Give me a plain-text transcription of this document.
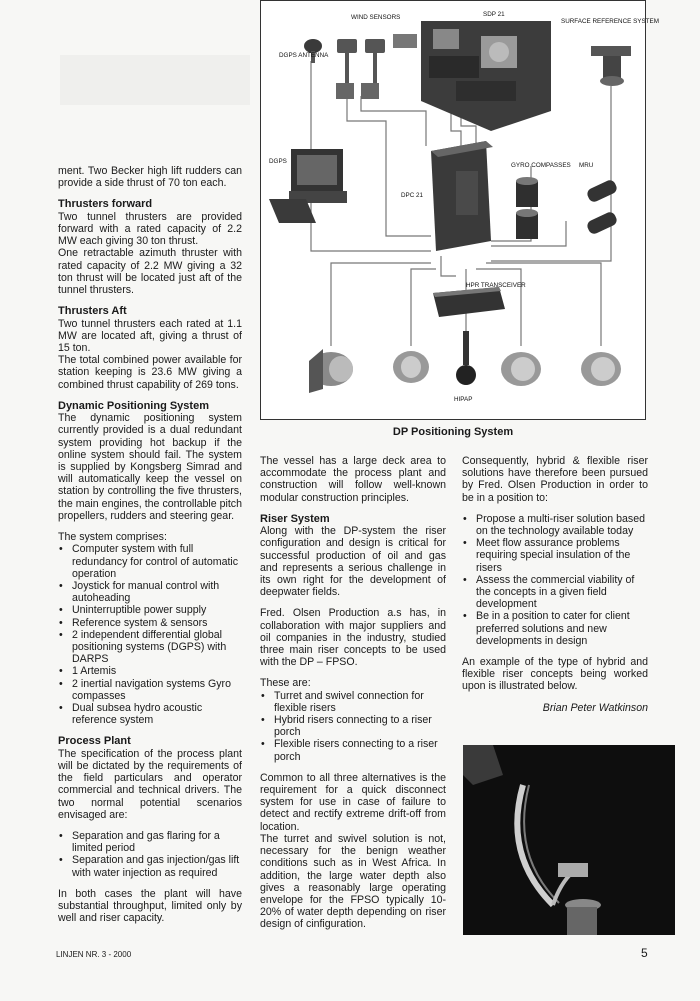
WIND SENSORS	SDP 21
SURFACE REFERENCE SYSTEM
DGPS ANTENNA
DGPS
DPC 21
GYRO COMPASSES MRU
HPR TRANSCEIVER
HIPAP
DP Positioning System

ment. Two Becker high lift rudders can provide a side thrust of 70 ton each.

Thrusters forward

Two tunnel thrusters are provided forward with a rated capacity of 2.2 MW each giving 30 ton thrust.

One retractable azimuth thruster with rated capacity of 2.2 MW giving a 32 ton thrust will be located just aft of the tunnel thrusters.

Thrusters Aft

Two tunnel thrusters each rated at 1.1 MW are located aft, giving a thrust of 15 ton.

The total combined power available for station keeping is 23.6 MW giving a combined thrust capability of 269 tons.

Dynamic Positioning System

The dynamic positioning system currently provided is a dual redundant system providing hot backup if the online system should fail. The system is supplied by Kongsberg Simrad and will automatically keep the vessel on station by controlling the five thrusters, the main engines, the controllable pitch propellers, rudders and steering gear.

The system comprises:

• Computer system with full redundancy for control of automatic operation
• Joystick for manual control with autoheading
• Uninterruptible power supply
• Reference system & sensors
• 2 independent differential global positioning systems (DGPS) with DARPS
• 1 Artemis
• 2 inertial navigation systems Gyro compasses
• Dual subsea hydro acoustic reference system
Process Plant

The specification of the process plant will be dictated by the requirements of the field particulars and operator commercial and technical drivers. The two normal potential scenarios envisaged are:

• Separation and gas flaring for a limited period
• Separation and gas injection/gas lift with water injection as required

In both cases the plant will have substantial throughput, limited only by well and riser capacity.

The vessel has a large deck area to accommodate the process plant and construction will follow well-known modular construction principles.

Riser System

Along with the DP-system the riser configuration and design is critical for successful production of oil and gas and represents a serious challenge in its own right for the development of deepwater fields.

Fred. Olsen Production a.s has, in collaboration with major suppliers and oil companies in the industry, studied three main riser concepts to be used with the DP – FPSO.

These are:

• Turret and swivel connection for flexible risers
• Hybrid risers connecting to a riser porch
• Flexible risers connecting to a riser porch

Common to all three alternatives is the requirement for a quick disconnect system for use in case of failure to detect and rectify extreme drift-off from location.

The turret and swivel solution is not, necessary for the benign weather conditions such as in West Africa. In addition, the large water depth also gives a reasonably large operating envelope for the FPSO typically 10-20% of water depth depending on riser design of cinfiguration.

Consequently, hybrid & flexible riser solutions have therefore been pursued by Fred. Olsen Production in order to be in a position to:

• Propose a multi-riser solution based on the technology available today
• Meet flow assurance problems requiring special insulation of the risers
• Assess the commercial viability of the concepts in a given field development
• Be in a position to cater for client preferred solutions and new developments in design

An example of the type of hybrid and flexible riser concepts being worked upon is illustrated below.

Brian Peter Watkinson

LINJEN NR. 3 - 2000	5
